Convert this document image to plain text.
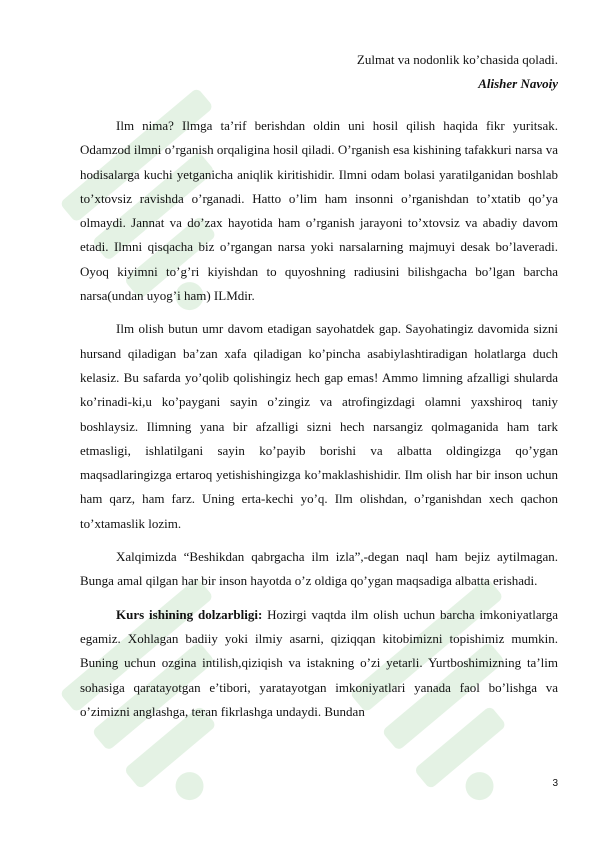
Zulmat va nodonlik ko’chasida qoladi.
Alisher Navoiy

Ilm nima? Ilmga ta’rif berishdan oldin uni hosil qilish haqida fikr yuritsak. Odamzod ilmni o’rganish orqaligina hosil qiladi. O’rganish esa kishining tafakkuri narsa va hodisalarga kuchi yetganicha aniqlik kiritishidir. Ilmni odam bolasi yaratilganidan boshlab to’xtovsiz ravishda o’rganadi. Hatto o’lim ham insonni o’rganishdan to’xtatib qo’ya olmaydi. Jannat va do’zax hayotida ham o’rganish jarayoni to’xtovsiz va abadiy davom etadi. Ilmni qisqacha biz o’rgangan narsa yoki narsalarning majmuyi desak bo’laveradi. Oyoq kiyimni to’g’ri kiyishdan to quyoshning radiusini bilishgacha bo’lgan barcha narsa(undan uyog’i ham) ILMdir.

Ilm olish butun umr davom etadigan sayohatdek gap. Sayohatingiz davomida sizni hursand qiladigan ba’zan xafa qiladigan ko’pincha asabiylashtiradigan holatlarga duch kelasiz. Bu safarda yo’qolib qolishingiz hech gap emas! Ammo limning afzalligi shularda ko’rinadi-ki,u ko’paygani sayin o’zingiz va atrofingizdagi olamni yaxshiroq taniy boshlaysiz. Ilimning yana bir afzalligi sizni hech narsangiz qolmaganida ham tark etmasligi, ishlatilgani sayin ko’payib borishi va albatta oldingizga qo’ygan maqsadlaringizga ertaroq yetishishingizga ko’maklashishidir. Ilm olish har bir inson uchun ham qarz, ham farz. Uning erta-kechi yo’q. Ilm olishdan, o’rganishdan xech qachon to’xtamaslik lozim.

Xalqimizda “Beshikdan qabrgacha ilm izla”,-degan naql ham bejiz aytilmagan. Bunga amal qilgan har bir inson hayotda o’z oldiga qo’ygan maqsadiga albatta erishadi.

Kurs ishining dolzarbligi: Hozirgi vaqtda ilm olish uchun barcha imkoniyatlarga egamiz. Xohlagan badiiy yoki ilmiy asarni, qiziqqan kitobimizni topishimiz mumkin. Buning uchun ozgina intilish,qiziqish va istakning o’zi yetarli. Yurtboshimizning ta’lim sohasiga qaratayotgan e’tibori, yaratayotgan imkoniyatlari yanada faol bo’lishga va o’zimizni anglashga, teran fikrlashga undaydi. Bundan

3
